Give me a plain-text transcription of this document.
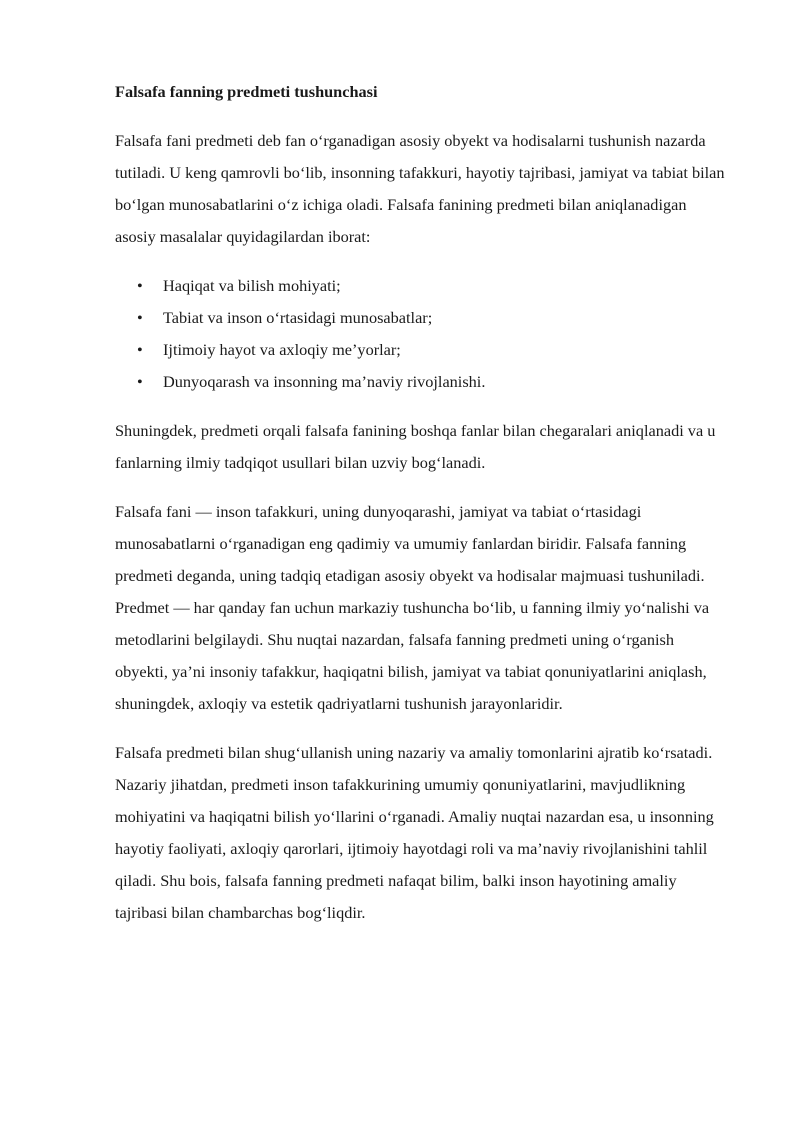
Falsafa fanning predmeti tushunchasi

Falsafa fani predmeti deb fan o‘rganadigan asosiy obyekt va hodisalarni tushunish nazarda tutiladi. U keng qamrovli bo‘lib, insonning tafakkuri, hayotiy tajribasi, jamiyat va tabiat bilan bo‘lgan munosabatlarini o‘z ichiga oladi. Falsafa fanining predmeti bilan aniqlanadigan asosiy masalalar quyidagilardan iborat:

• Haqiqat va bilish mohiyati;
• Tabiat va inson o‘rtasidagi munosabatlar;
• Ijtimoiy hayot va axloqiy me’yorlar;
• Dunyoqarash va insonning ma’naviy rivojlanishi.

Shuningdek, predmeti orqali falsafa fanining boshqa fanlar bilan chegaralari aniqlanadi va u fanlarning ilmiy tadqiqot usullari bilan uzviy bog‘lanadi.

Falsafa fani — inson tafakkuri, uning dunyoqarashi, jamiyat va tabiat o‘rtasidagi munosabatlarni o‘rganadigan eng qadimiy va umumiy fanlardan biridir. Falsafa fanning predmeti deganda, uning tadqiq etadigan asosiy obyekt va hodisalar majmuasi tushuniladi. Predmet — har qanday fan uchun markaziy tushuncha bo‘lib, u fanning ilmiy yo‘nalishi va metodlarini belgilaydi. Shu nuqtai nazardan, falsafa fanning predmeti uning o‘rganish obyekti, ya’ni insoniy tafakkur, haqiqatni bilish, jamiyat va tabiat qonuniyatlarini aniqlash, shuningdek, axloqiy va estetik qadriyatlarni tushunish jarayonlaridir.

Falsafa predmeti bilan shug‘ullanish uning nazariy va amaliy tomonlarini ajratib ko‘rsatadi. Nazariy jihatdan, predmeti inson tafakkurining umumiy qonuniyatlarini, mavjudlikning mohiyatini va haqiqatni bilish yo‘llarini o‘rganadi. Amaliy nuqtai nazardan esa, u insonning hayotiy faoliyati, axloqiy qarorlari, ijtimoiy hayotdagi roli va ma’naviy rivojlanishini tahlil qiladi. Shu bois, falsafa fanning predmeti nafaqat bilim, balki inson hayotining amaliy tajribasi bilan chambarchas bog‘liqdir.
